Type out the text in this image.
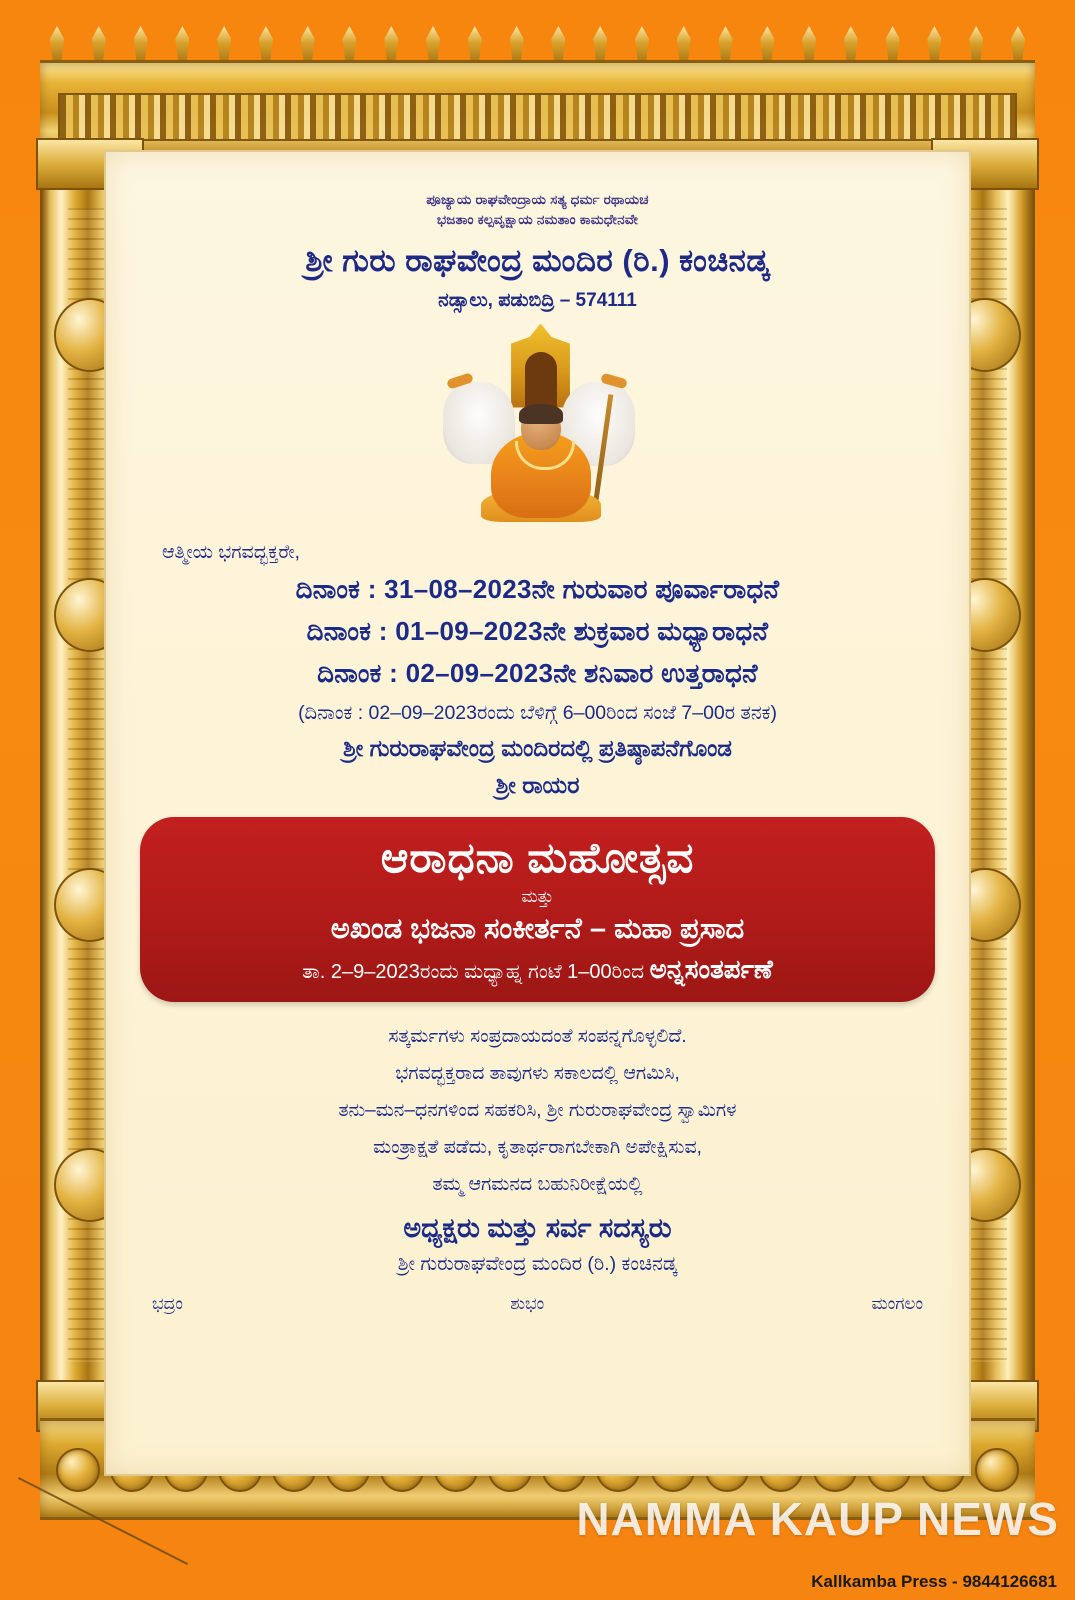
ಪೂಜ್ಯಾಯ ರಾಘವೇಂದ್ರಾಯ ಸತ್ಯ ಧರ್ಮ ರಥಾಯಚ
ಭಜತಾಂ ಕಲ್ಪವೃಕ್ಷಾಯ ನಮತಾಂ ಕಾಮಧೇನವೇ
ಶ್ರೀ ಗುರು ರಾಘವೇಂದ್ರ ಮಂದಿರ (ರಿ.) ಕಂಚಿನಡ್ಕ
ನಡ್ಸಾಲು, ಪಡುಬಿದ್ರಿ – 574111
ಆತ್ಮೀಯ ಭಗವದ್ಭಕ್ತರೇ,
ದಿನಾಂಕ : 31–08–2023ನೇ ಗುರುವಾರ ಪೂರ್ವಾರಾಧನೆ
ದಿನಾಂಕ : 01–09–2023ನೇ ಶುಕ್ರವಾರ ಮಧ್ಯಾರಾಧನೆ
ದಿನಾಂಕ : 02–09–2023ನೇ ಶನಿವಾರ ಉತ್ತರಾಧನೆ
(ದಿನಾಂಕ : 02–09–2023ರಂದು ಬೆಳಿಗ್ಗೆ 6–00ರಿಂದ ಸಂಜೆ 7–00ರ ತನಕ)
ಶ್ರೀ ಗುರುರಾಘವೇಂದ್ರ ಮಂದಿರದಲ್ಲಿ ಪ್ರತಿಷ್ಠಾಪನೆಗೊಂಡ
ಶ್ರೀ ರಾಯರ
ಆರಾಧನಾ ಮಹೋತ್ಸವ
ಮತ್ತು
ಅಖಂಡ ಭಜನಾ ಸಂಕೀರ್ತನೆ – ಮಹಾ ಪ್ರಸಾದ
ತಾ. 2–9–2023ರಂದು ಮಧ್ಯಾಹ್ನ ಗಂಟೆ 1–00ರಿಂದ ಅನ್ನಸಂತರ್ಪಣೆ
ಸತ್ಕರ್ಮಗಳು ಸಂಪ್ರದಾಯದಂತೆ ಸಂಪನ್ನಗೊಳ್ಳಲಿದೆ.
ಭಗವದ್ಭಕ್ತರಾದ ತಾವುಗಳು ಸಕಾಲದಲ್ಲಿ ಆಗಮಿಸಿ,
ತನು–ಮನ–ಧನಗಳಿಂದ ಸಹಕರಿಸಿ, ಶ್ರೀ ಗುರುರಾಘವೇಂದ್ರ ಸ್ವಾಮಿಗಳ
ಮಂತ್ರಾಕ್ಷತೆ ಪಡೆದು, ಕೃತಾರ್ಥರಾಗಬೇಕಾಗಿ ಅಪೇಕ್ಷಿಸುವ,
ತಮ್ಮ ಆಗಮನದ ಬಹುನಿರೀಕ್ಷೆಯಲ್ಲಿ
ಅಧ್ಯಕ್ಷರು ಮತ್ತು ಸರ್ವ ಸದಸ್ಯರು
ಶ್ರೀ ಗುರುರಾಘವೇಂದ್ರ ಮಂದಿರ (ರಿ.) ಕಂಚಿನಡ್ಕ
ಭದ್ರಂ	ಶುಭಂ	ಮಂಗಲಂ
NAMMA KAUP NEWS
Kallkamba Press - 9844126681
